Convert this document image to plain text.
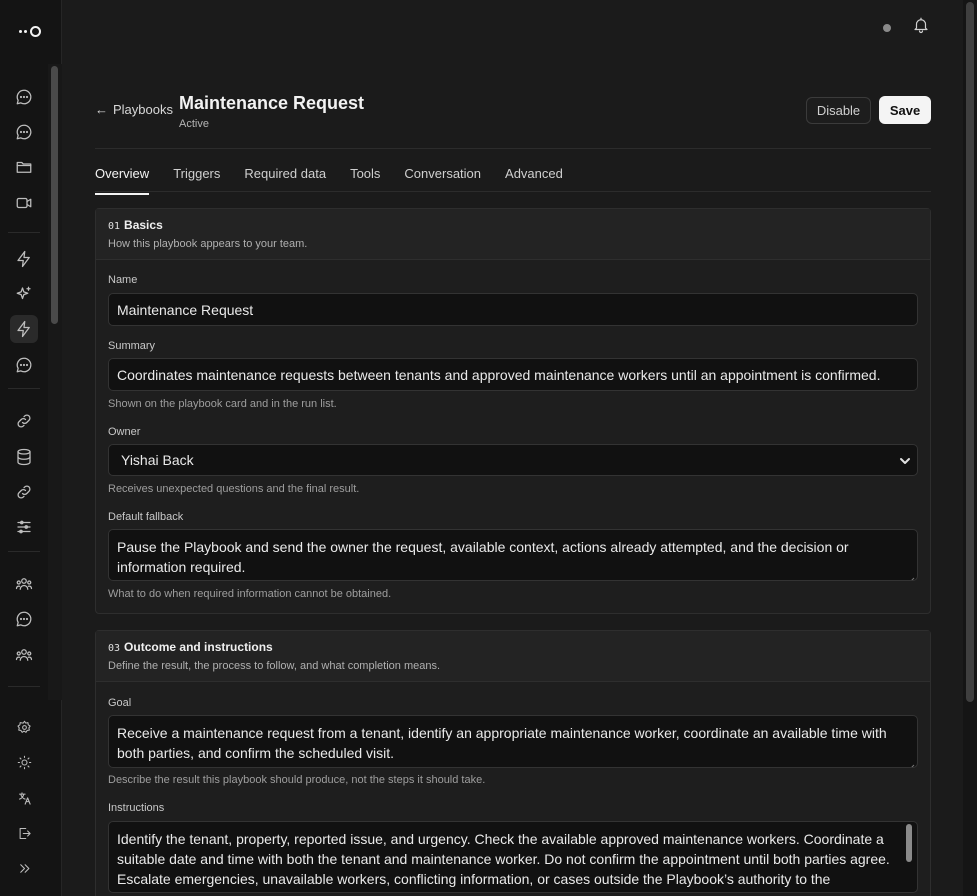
← Playbooks Maintenance Request
Active
Disable	Save
Overview Triggers Required data Tools Conversation Advanced
01 Basics
How this playbook appears to your team.
Name
Maintenance Request
Summary
Coordinates maintenance requests between tenants and approved maintenance workers until an appointment is confirmed.
Shown on the playbook card and in the run list.
Owner
Yishai Back
Receives unexpected questions and the final result.
Default fallback
Pause the Playbook and send the owner the request, available context, actions already attempted, and the decision or information required.
What to do when required information cannot be obtained.
03 Outcome and instructions
Define the result, the process to follow, and what completion means.
Goal
Receive a maintenance request from a tenant, identify an appropriate maintenance worker, coordinate an available time with both parties, and confirm the scheduled visit.
Describe the result this playbook should produce, not the steps it should take.
Instructions
Identify the tenant, property, reported issue, and urgency. Check the available approved maintenance workers. Coordinate a suitable date and time with both the tenant and maintenance worker. Do not confirm the appointment until both parties agree. Escalate emergencies, unavailable workers, conflicting information, or cases outside the Playbook’s authority to the
